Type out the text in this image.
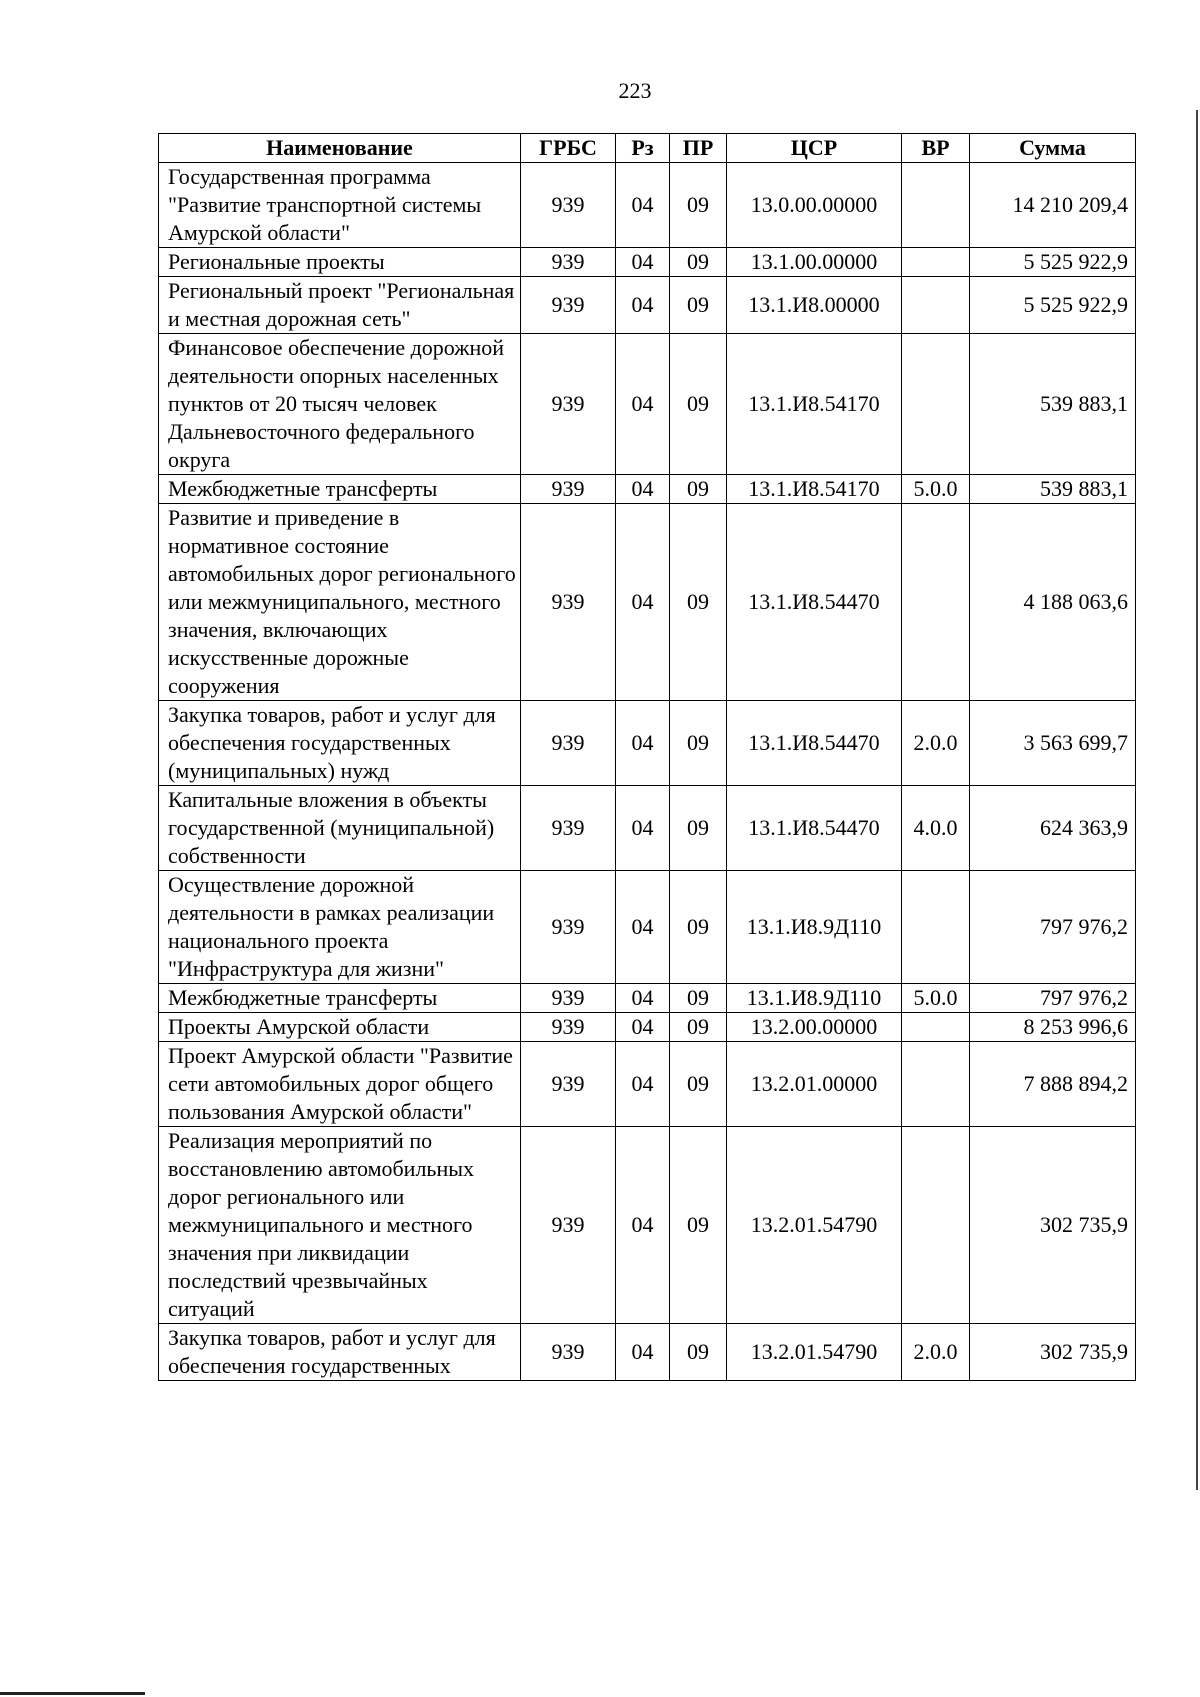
223
Наименование	ГРБС	Рз	ПР	ЦСР	ВР	Сумма
Государственная программа "Развитие транспортной системы Амурской области"	939	04	09	13.0.00.00000		14 210 209,4
Региональные проекты	939	04	09	13.1.00.00000		5 525 922,9
Региональный проект "Региональная и местная дорожная сеть"	939	04	09	13.1.И8.00000		5 525 922,9
Финансовое обеспечение дорожной деятельности опорных населенных пунктов от 20 тысяч человек Дальневосточного федерального округа	939	04	09	13.1.И8.54170		539 883,1
Межбюджетные трансферты	939	04	09	13.1.И8.54170	5.0.0	539 883,1
Развитие и приведение в нормативное состояние автомобильных дорог регионального или межмуниципального, местного значения, включающих искусственные дорожные сооружения	939	04	09	13.1.И8.54470		4 188 063,6
Закупка товаров, работ и услуг для обеспечения государственных (муниципальных) нужд	939	04	09	13.1.И8.54470	2.0.0	3 563 699,7
Капитальные вложения в объекты государственной (муниципальной) собственности	939	04	09	13.1.И8.54470	4.0.0	624 363,9
Осуществление дорожной деятельности в рамках реализации национального проекта "Инфраструктура для жизни"	939	04	09	13.1.И8.9Д110		797 976,2
Межбюджетные трансферты	939	04	09	13.1.И8.9Д110	5.0.0	797 976,2
Проекты Амурской области	939	04	09	13.2.00.00000		8 253 996,6
Проект Амурской области "Развитие сети автомобильных дорог общего пользования Амурской области"	939	04	09	13.2.01.00000		7 888 894,2
Реализация мероприятий по восстановлению автомобильных дорог регионального или межмуниципального и местного значения при ликвидации последствий чрезвычайных ситуаций	939	04	09	13.2.01.54790		302 735,9
Закупка товаров, работ и услуг для обеспечения государственных	939	04	09	13.2.01.54790	2.0.0	302 735,9
